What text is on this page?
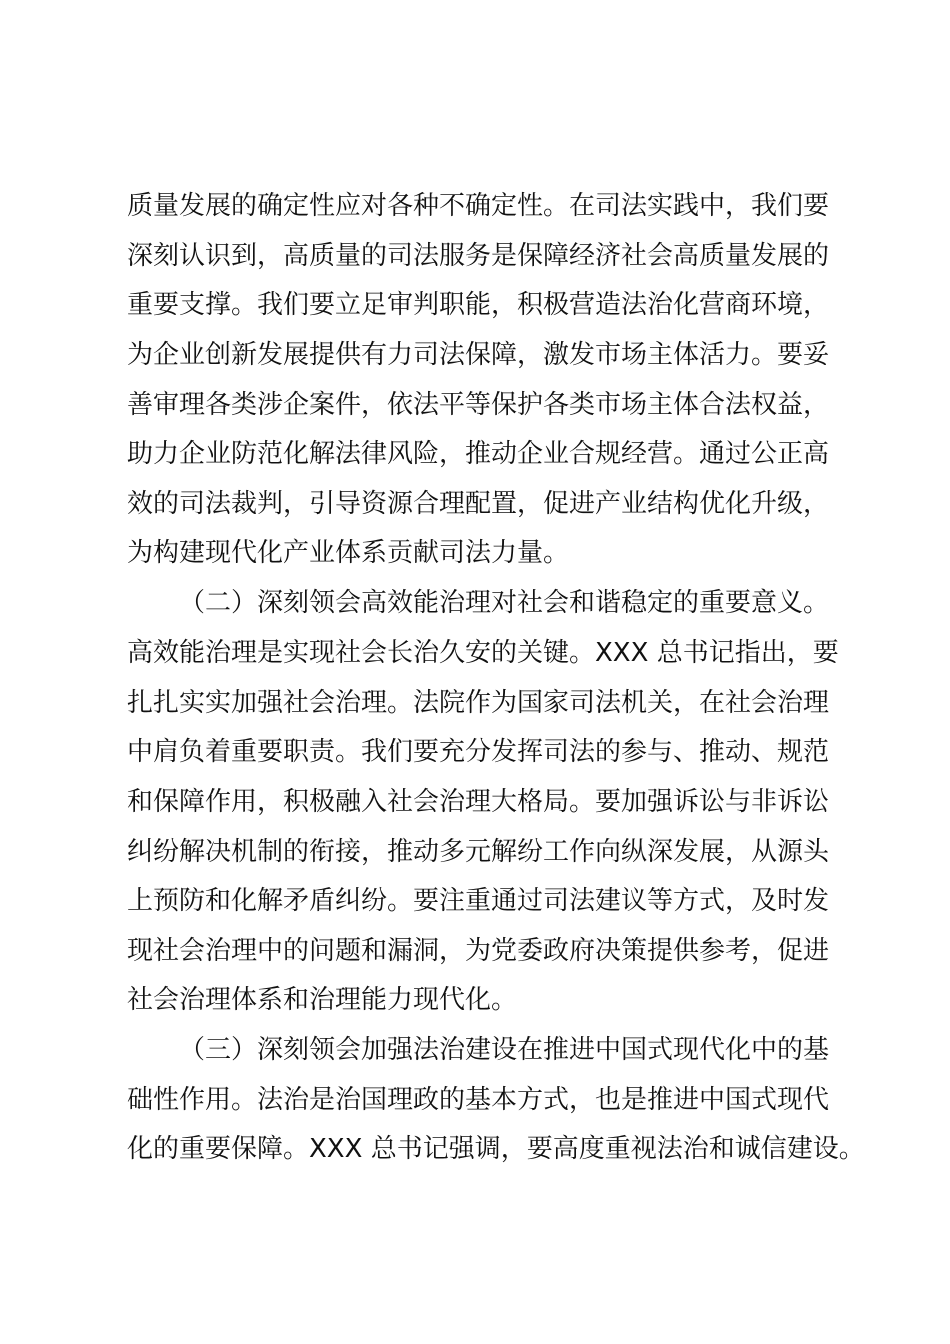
质量发展的确定性应对各种不确定性。在司法实践中，我们要
深刻认识到，高质量的司法服务是保障经济社会高质量发展的
重要支撑。我们要立足审判职能，积极营造法治化营商环境，
为企业创新发展提供有力司法保障，激发市场主体活力。要妥
善审理各类涉企案件，依法平等保护各类市场主体合法权益，
助力企业防范化解法律风险，推动企业合规经营。通过公正高
效的司法裁判，引导资源合理配置，促进产业结构优化升级，
为构建现代化产业体系贡献司法力量。
（二）深刻领会高效能治理对社会和谐稳定的重要意义。
高效能治理是实现社会长治久安的关键。XXX 总书记指出，要
扎扎实实加强社会治理。法院作为国家司法机关，在社会治理
中肩负着重要职责。我们要充分发挥司法的参与、推动、规范
和保障作用，积极融入社会治理大格局。要加强诉讼与非诉讼
纠纷解决机制的衔接，推动多元解纷工作向纵深发展，从源头
上预防和化解矛盾纠纷。要注重通过司法建议等方式，及时发
现社会治理中的问题和漏洞，为党委政府决策提供参考，促进
社会治理体系和治理能力现代化。
（三）深刻领会加强法治建设在推进中国式现代化中的基
础性作用。法治是治国理政的基本方式，也是推进中国式现代
化的重要保障。XXX 总书记强调，要高度重视法治和诚信建设。
